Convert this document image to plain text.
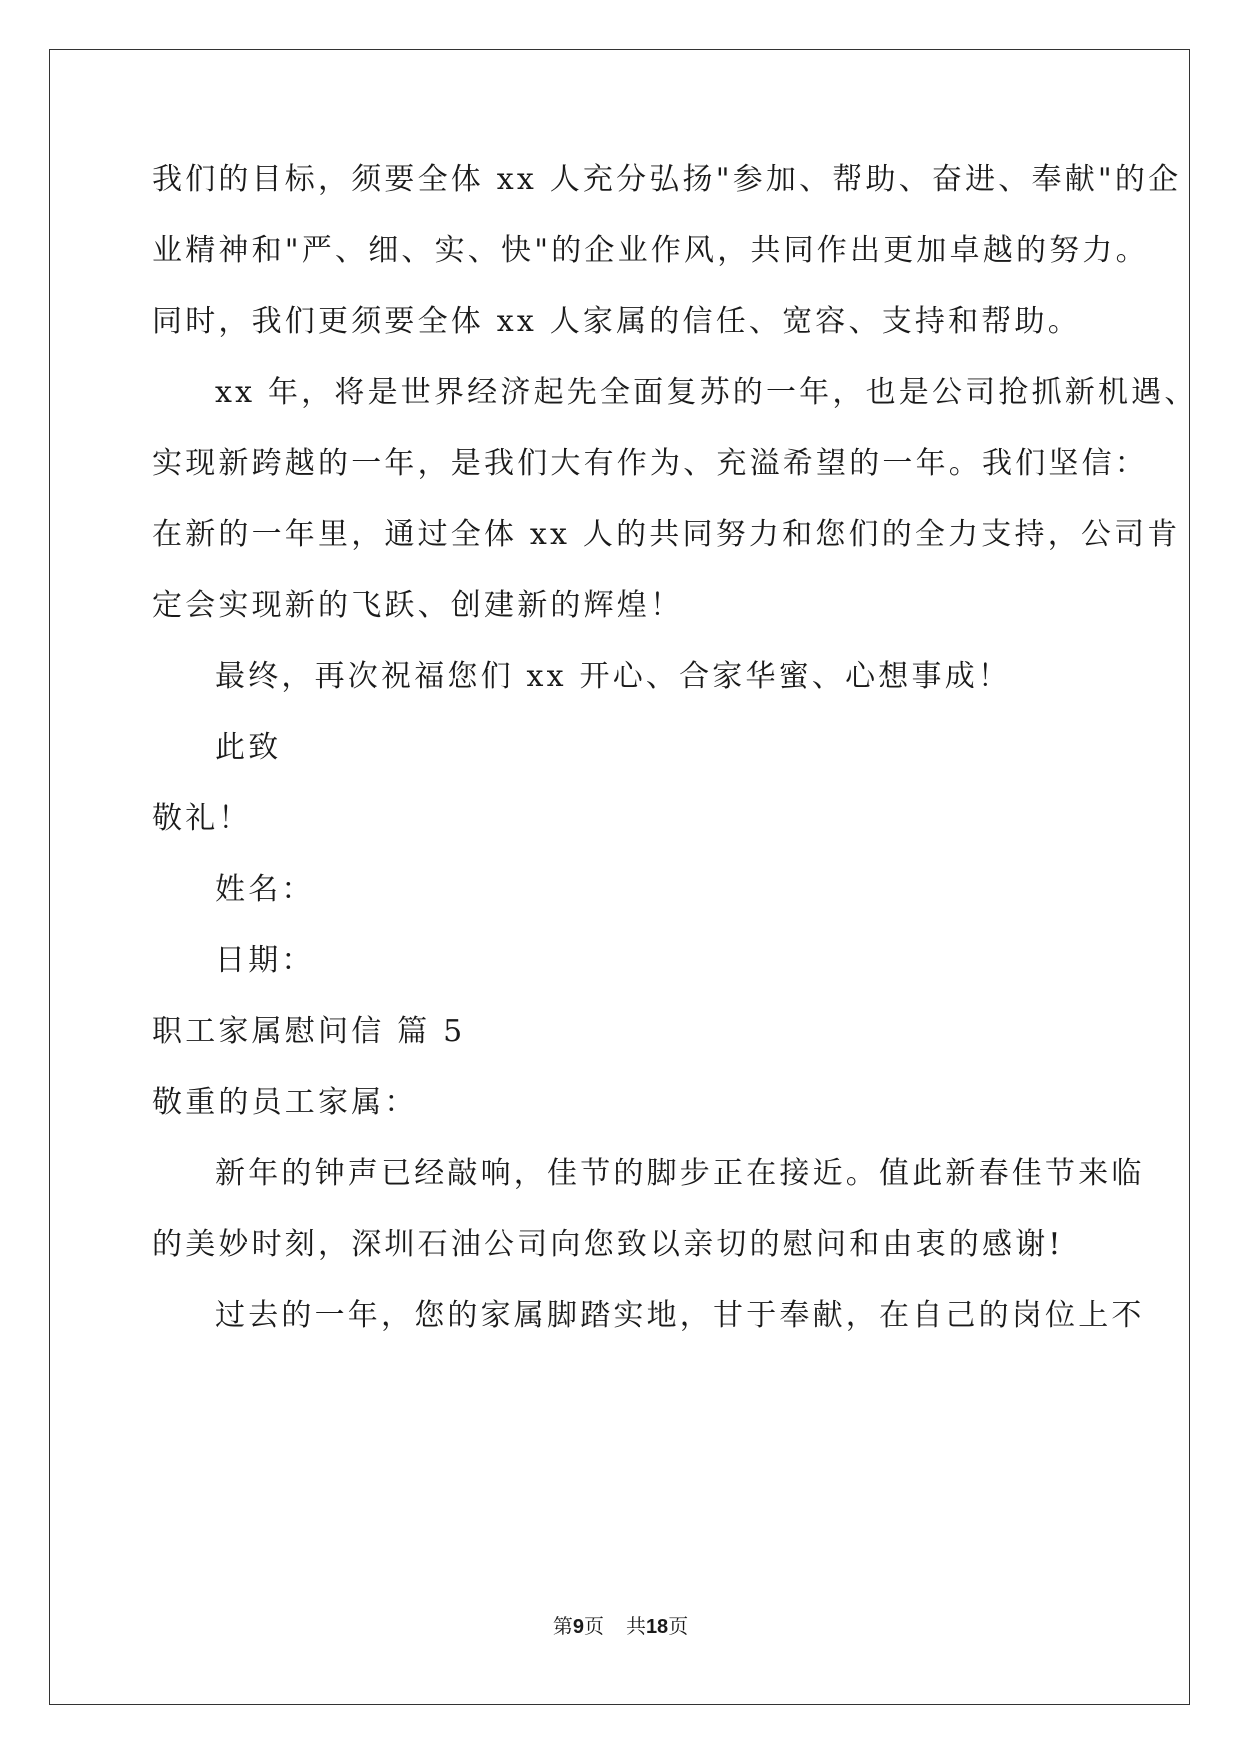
我们的目标，须要全体 xx 人充分弘扬"参加、帮助、奋进、奉献"的企
业精神和"严、细、实、快"的企业作风，共同作出更加卓越的努力。
同时，我们更须要全体 xx 人家属的信任、宽容、支持和帮助。
xx 年，将是世界经济起先全面复苏的一年，也是公司抢抓新机遇、
实现新跨越的一年，是我们大有作为、充溢希望的一年。我们坚信：
在新的一年里，通过全体 xx 人的共同努力和您们的全力支持，公司肯
定会实现新的飞跃、创建新的辉煌！
最终，再次祝福您们 xx 开心、合家华蜜、心想事成！
此致
敬礼！
姓名：
日期：
职工家属慰问信 篇 5
敬重的员工家属：
新年的钟声已经敲响，佳节的脚步正在接近。值此新春佳节来临
的美妙时刻，深圳石油公司向您致以亲切的慰问和由衷的感谢!
过去的一年，您的家属脚踏实地，甘于奉献，在自己的岗位上不
第9页 共18页
